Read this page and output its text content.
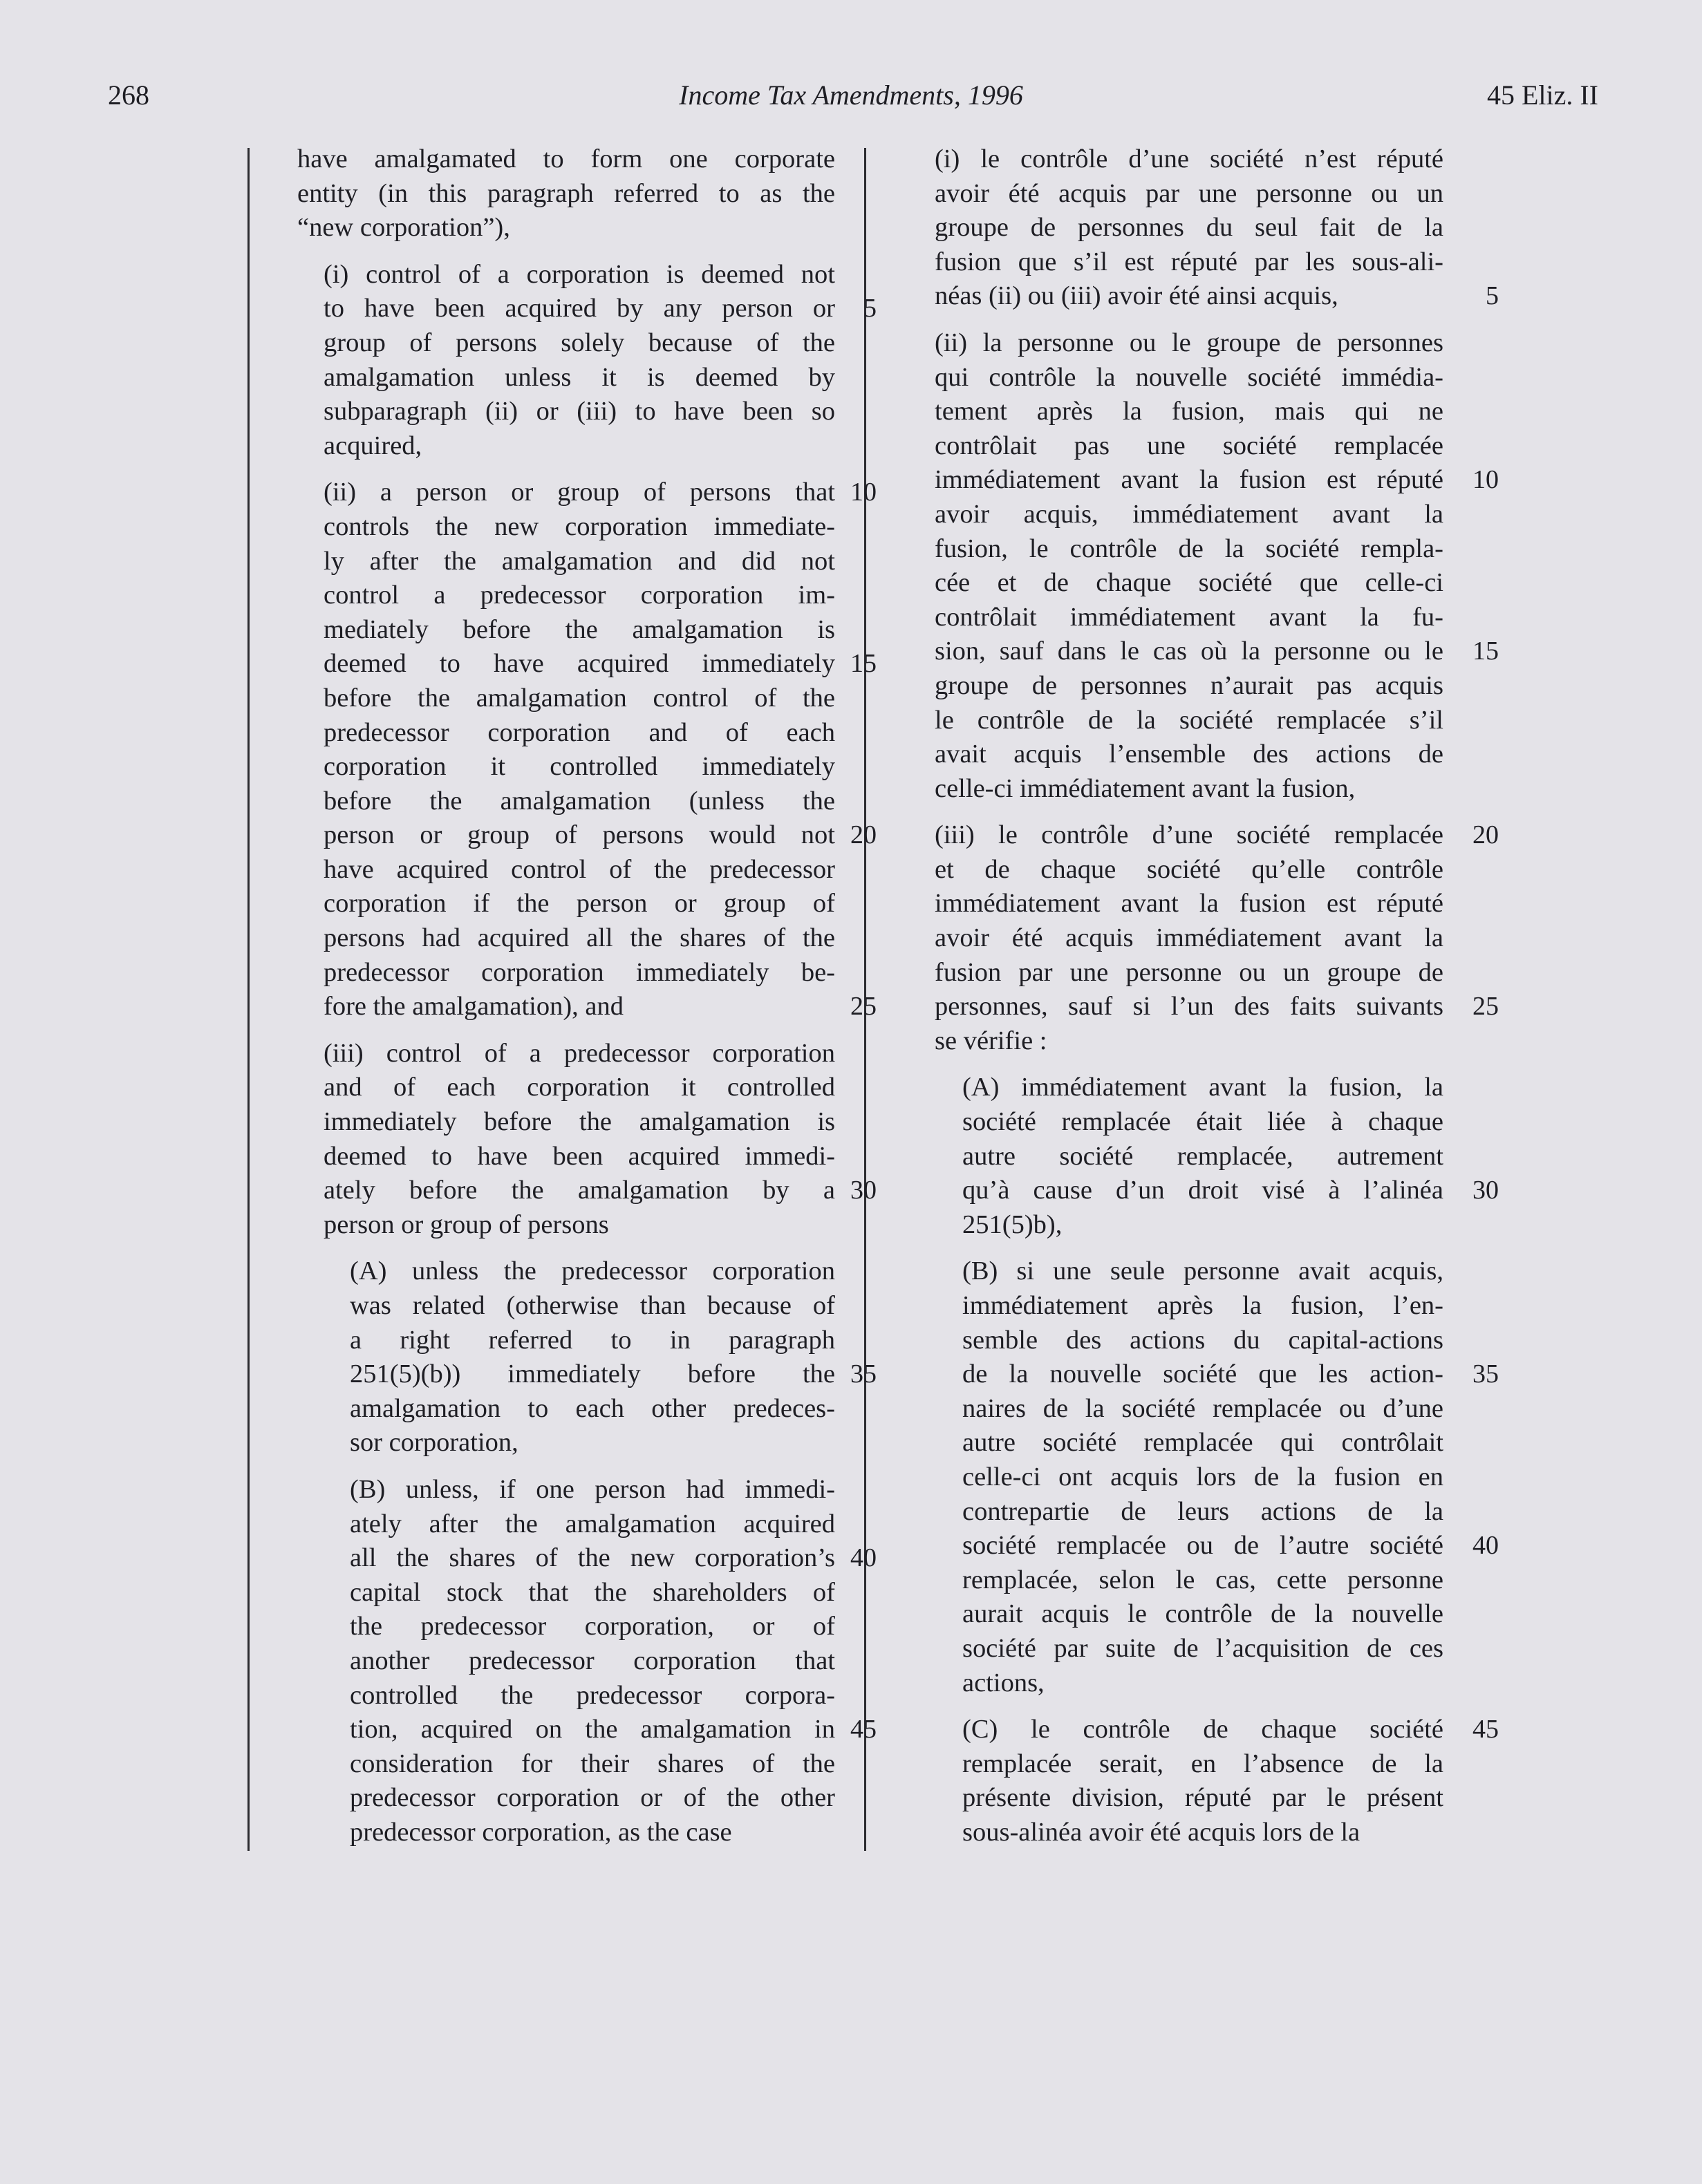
268	Income Tax Amendments, 1996	45 Eliz. II
have amalgamated to form one corporate
entity (in this paragraph referred to as the
“new corporation”),
(i) control of a corporation is deemed not
to have been acquired by any person or	5
group of persons solely because of the
amalgamation unless it is deemed by
subparagraph (ii) or (iii) to have been so
acquired,
(ii) a person or group of persons that 10
controls the new corporation immediate-
ly after the amalgamation and did not
control a predecessor corporation im-
mediately before the amalgamation is
deemed to have acquired immediately 15
before the amalgamation control of the
predecessor corporation and of each
corporation it controlled immediately
before the amalgamation (unless the
person or group of persons would not 20
have acquired control of the predecessor
corporation if the person or group of
persons had acquired all the shares of the
predecessor corporation immediately be-
fore the amalgamation), and	25
(iii) control of a predecessor corporation
and of each corporation it controlled
immediately before the amalgamation is
deemed to have been acquired immedi-
ately before the amalgamation by a 30
person or group of persons
(A) unless the predecessor corporation
was related (otherwise than because of
a right referred to in paragraph
251(5)(b)) immediately before the 35
amalgamation to each other predeces-
sor corporation,
(B) unless, if one person had immedi-
ately after the amalgamation acquired
all the shares of the new corporation’s 40
capital stock that the shareholders of
the predecessor corporation, or of
another predecessor corporation that
controlled the predecessor corpora-
tion, acquired on the amalgamation in 45
consideration for their shares of the
predecessor corporation or of the other
predecessor corporation, as the case
(i) le contrôle d’une société n’est réputé
avoir été acquis par une personne ou un
groupe de personnes du seul fait de la
fusion que s’il est réputé par les sous-ali-
néas (ii) ou (iii) avoir été ainsi acquis,	5
(ii) la personne ou le groupe de personnes
qui contrôle la nouvelle société immédia-
tement après la fusion, mais qui ne
contrôlait pas une société remplacée
immédiatement avant la fusion est réputé	10
avoir acquis, immédiatement avant la
fusion, le contrôle de la société rempla-
cée et de chaque société que celle-ci
contrôlait immédiatement avant la fu-
sion, sauf dans le cas où la personne ou le	15
groupe de personnes n’aurait pas acquis
le contrôle de la société remplacée s’il
avait acquis l’ensemble des actions de
celle-ci immédiatement avant la fusion,
(iii) le contrôle d’une société remplacée	20
et de chaque société qu’elle contrôle
immédiatement avant la fusion est réputé
avoir été acquis immédiatement avant la
fusion par une personne ou un groupe de
personnes, sauf si l’un des faits suivants	25
se vérifie :
(A) immédiatement avant la fusion, la
société remplacée était liée à chaque
autre société remplacée, autrement
qu’à cause d’un droit visé à l’alinéa	30
251(5)b),
(B) si une seule personne avait acquis,
immédiatement après la fusion, l’en-
semble des actions du capital-actions
de la nouvelle société que les action-	35
naires de la société remplacée ou d’une
autre société remplacée qui contrôlait
celle-ci ont acquis lors de la fusion en
contrepartie de leurs actions de la
société remplacée ou de l’autre société	40
remplacée, selon le cas, cette personne
aurait acquis le contrôle de la nouvelle
société par suite de l’acquisition de ces
actions,
(C) le contrôle de chaque société	45
remplacée serait, en l’absence de la
présente division, réputé par le présent
sous-alinéa avoir été acquis lors de la
